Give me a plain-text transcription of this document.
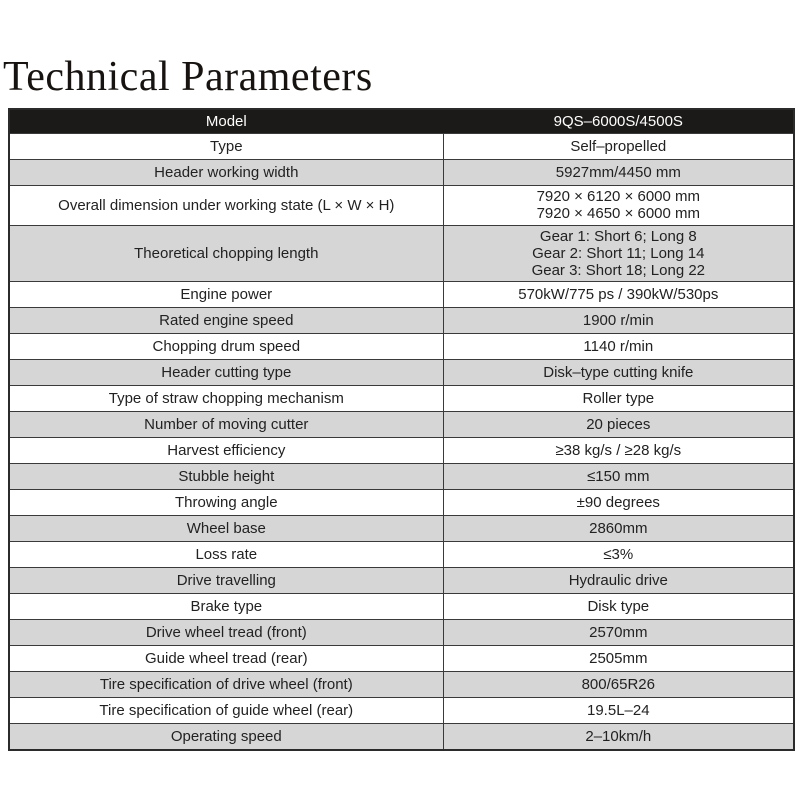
Technical Parameters
Model	9QS–6000S/4500S
Type	Self–propelled

Header working width	5927mm/4450 mm

Overall dimension under working state (L × W × H)	7920 × 6120 × 6000 mm
7920 × 4650 × 6000 mm

Theoretical chopping length	Gear 1: Short 6; Long 8
Gear 2: Short 11; Long 14
Gear 3: Short 18; Long 22

Engine power	570kW/775 ps / 390kW/530ps

Rated engine speed	1900 r/min

Chopping drum speed	1140 r/min

Header cutting type	Disk–type cutting knife

Type of straw chopping mechanism	Roller type

Number of moving cutter	20 pieces

Harvest efficiency	≥38 kg/s / ≥28 kg/s

Stubble height	≤150 mm

Throwing angle	±90 degrees

Wheel base	2860mm

Loss rate	≤3%

Drive travelling	Hydraulic drive

Brake type	Disk type

Drive wheel tread (front)	2570mm

Guide wheel tread (rear)	2505mm

Tire specification of drive wheel (front)	800/65R26

Tire specification of guide wheel (rear)	19.5L–24

Operating speed	2–10km/h
